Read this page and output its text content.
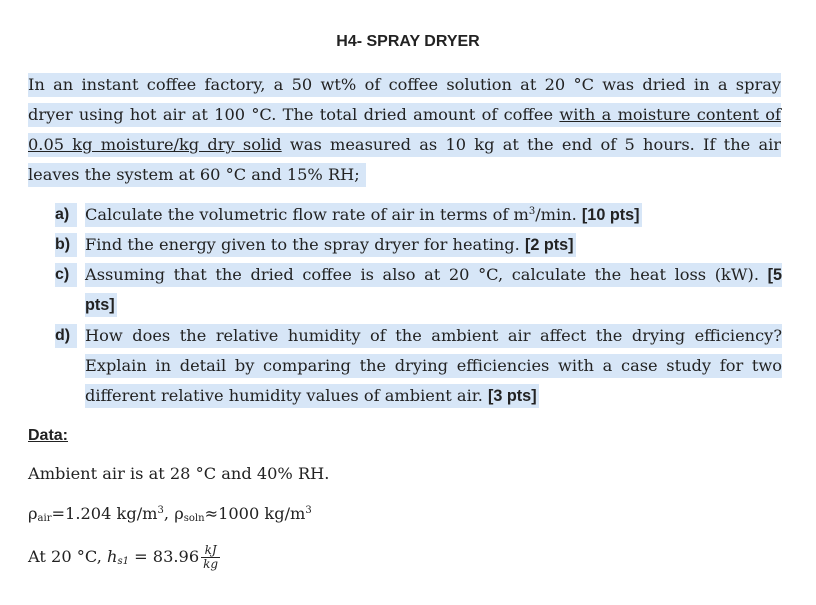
H4- SPRAY DRYER
In an instant coffee factory, a 50 wt% of coffee solution at 20 °C was dried in a spray
dryer using hot air at 100 °C. The total dried amount of coffee with a moisture content of
0.05 kg moisture/kg dry solid was measured as 10 kg at the end of 5 hours. If the air
leaves the system at 60 °C and 15% RH;
a) Calculate the volumetric flow rate of air in terms of $m^3/\min$. [10 pts]
b) Find the energy given to the spray dryer for heating. [2 pts]
c) Assuming that the dried coffee is also at 20 °C, calculate the heat loss (kW). [5
pts]
d) How does the relative humidity of the ambient air affect the drying efficiency?
Explain in detail by comparing the drying efficiencies with a case study for two
different relative humidity values of ambient air. [3 pts]
Data:
Ambient air is at 28 °C and 40% RH.
$\rho_{air}=1.204$ $kg/m^3$, $\rho_{soln}\approx 1000$ $kg/m^3$
At 20 °C, $h_{s1} = 83.96 \frac{kJ}{kg}$
